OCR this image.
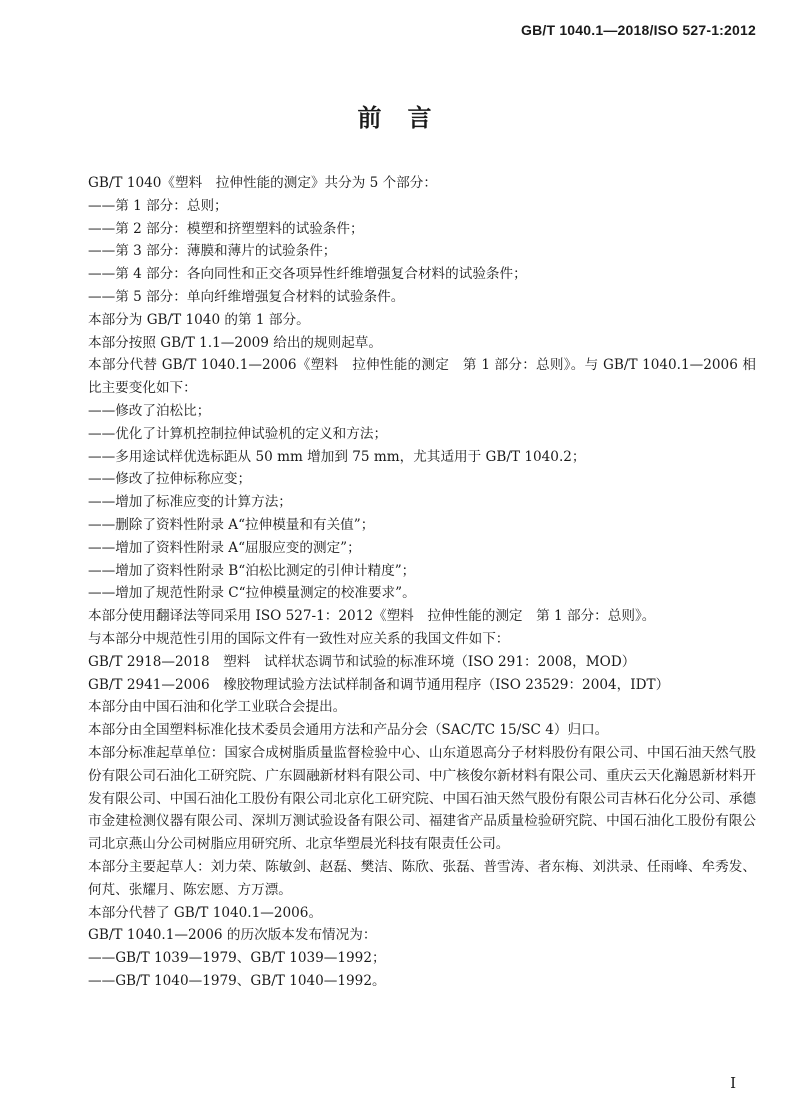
GB/T 1040.1—2018/ISO 527-1:2012
前　言

GB/T 1040《塑料　拉伸性能的测定》共分为 5 个部分：

——第 1 部分：总则；

——第 2 部分：模塑和挤塑塑料的试验条件；

——第 3 部分：薄膜和薄片的试验条件；

——第 4 部分：各向同性和正交各项异性纤维增强复合材料的试验条件；

——第 5 部分：单向纤维增强复合材料的试验条件。

本部分为 GB/T 1040 的第 1 部分。

本部分按照 GB/T 1.1—2009 给出的规则起草。

本部分代替 GB/T 1040.1—2006《塑料　拉伸性能的测定　第 1 部分：总则》。与 GB/T 1040.1—2006 相比主要变化如下：

——修改了泊松比；

——优化了计算机控制拉伸试验机的定义和方法；

——多用途试样优选标距从 50 mm 增加到 75 mm，尤其适用于 GB/T 1040.2；

——修改了拉伸标称应变；

——增加了标准应变的计算方法；

——删除了资料性附录 A“拉伸模量和有关值”；

——增加了资料性附录 A“屈服应变的测定”；

——增加了资料性附录 B“泊松比测定的引伸计精度”；

——增加了规范性附录 C“拉伸模量测定的校准要求”。

本部分使用翻译法等同采用 ISO 527-1：2012《塑料　拉伸性能的测定　第 1 部分：总则》。

与本部分中规范性引用的国际文件有一致性对应关系的我国文件如下：

GB/T 2918—2018　塑料　试样状态调节和试验的标准环境（ISO 291：2008，MOD）

GB/T 2941—2006　橡胶物理试验方法试样制备和调节通用程序（ISO 23529：2004，IDT）

本部分由中国石油和化学工业联合会提出。

本部分由全国塑料标准化技术委员会通用方法和产品分会（SAC/TC 15/SC 4）归口。

本部分标准起草单位：国家合成树脂质量监督检验中心、山东道恩高分子材料股份有限公司、中国石油天然气股份有限公司石油化工研究院、广东圆融新材料有限公司、中广核俊尔新材料有限公司、重庆云天化瀚恩新材料开发有限公司、中国石油化工股份有限公司北京化工研究院、中国石油天然气股份有限公司吉林石化分公司、承德市金建检测仪器有限公司、深圳万测试验设备有限公司、福建省产品质量检验研究院、中国石油化工股份有限公司北京燕山分公司树脂应用研究所、北京华塑晨光科技有限责任公司。

本部分主要起草人：刘力荣、陈敏剑、赵磊、樊洁、陈欣、张磊、普雪涛、者东梅、刘洪录、任雨峰、牟秀发、何芃、张耀月、陈宏愿、方万漂。

本部分代替了 GB/T 1040.1—2006。

GB/T 1040.1—2006 的历次版本发布情况为：

——GB/T 1039—1979、GB/T 1039—1992；

——GB/T 1040—1979、GB/T 1040—1992。

I
